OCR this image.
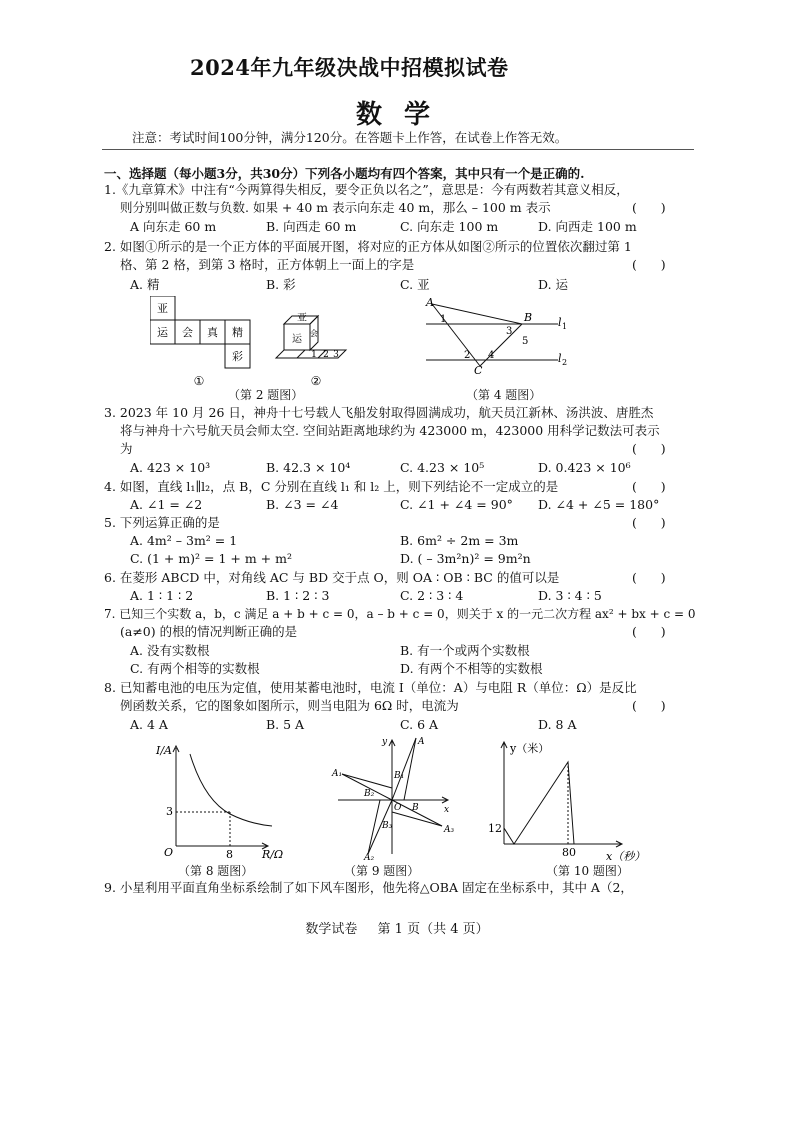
2024年九年级决战中招模拟试卷
数学
注意：考试时间100分钟，满分120分。在答题卡上作答，在试卷上作答无效。
一、选择题（每小题3分，共30分）下列各小题均有四个答案，其中只有一个是正确的.
1.《九章算术》中注有“今两算得失相反，要令正负以名之”，意思是：今有两数若其意义相反，
则分别叫做正数与负数. 如果 + 40 m 表示向东走 40 m，那么 – 100 m 表示	(      )
A 向东走 60 m	B. 向西走 60 m	C. 向东走 100 m	D. 向西走 100 m
2. 如图①所示的是一个正方体的平面展开图，将对应的正方体从如图②所示的位置依次翻过第 1
格、第 2 格，到第 3 格时，正方体朝上一面上的字是	(      )
A. 精	B. 彩	C. 亚	D. 运
亚
运 会 真 精
彩
①
亚
运
会
1 2 3
②
（第 2 题图）
A
B
C
l 1
l 2
1
2
3
4
5
（第 4 题图）
3. 2023 年 10 月 26 日，神舟十七号载人飞船发射取得圆满成功，航天员江新林、汤洪波、唐胜杰
将与神舟十六号航天员会师太空. 空间站距离地球约为 423000 m，423000 用科学记数法可表示
为	(      )
A. 423 × 10³	B. 42.3 × 10⁴	C. 4.23 × 10⁵	D. 0.423 × 10⁶
4. 如图，直线 l₁∥l₂，点 B，C 分别在直线 l₁ 和 l₂ 上，则下列结论不一定成立的是	(      )
A. ∠1 = ∠2	B. ∠3 = ∠4	C. ∠1 + ∠4 = 90° D. ∠4 + ∠5 = 180°
5. 下列运算正确的是	(      )
A. 4m² – 3m² = 1	B. 6m² ÷ 2m = 3m
C. (1 + m)² = 1 + m + m²	D. ( – 3m²n)² = 9m²n
6. 在菱形 ABCD 中，对角线 AC 与 BD 交于点 O，则 OA ∶ OB ∶ BC 的值可以是	(      )
A. 1 ∶ 1 ∶ 2	B. 1 ∶ 2 ∶ 3	C. 2 ∶ 3 ∶ 4	D. 3 ∶ 4 ∶ 5
7. 已知三个实数 a，b，c 满足 a + b + c = 0，a – b + c = 0，则关于 x 的一元二次方程 ax² + bx + c = 0
(a≠0) 的根的情况判断正确的是	(      )
A. 没有实数根	B. 有一个或两个实数根
C. 有两个相等的实数根	D. 有两个不相等的实数根
8. 已知蓄电池的电压为定值，使用某蓄电池时，电流 I（单位：A）与电阻 R（单位：Ω）是反比
例函数关系，它的图象如图所示，则当电阻为 6Ω 时，电流为	(      )
A. 4 A	B. 5 A	C. 6 A	D. 8 A
I/A
R/Ω
O
3
8
（第 8 题图）
y
x
O
A
A₁
A₂
A₃
B
B₁
B₂
B₃
（第 9 题图）
y（米）
x（秒）
12
80
（第 10 题图）
9. 小星利用平面直角坐标系绘制了如下风车图形，他先将△OBA 固定在坐标系中，其中 A（2，
数学试卷 第 1 页（共 4 页）
